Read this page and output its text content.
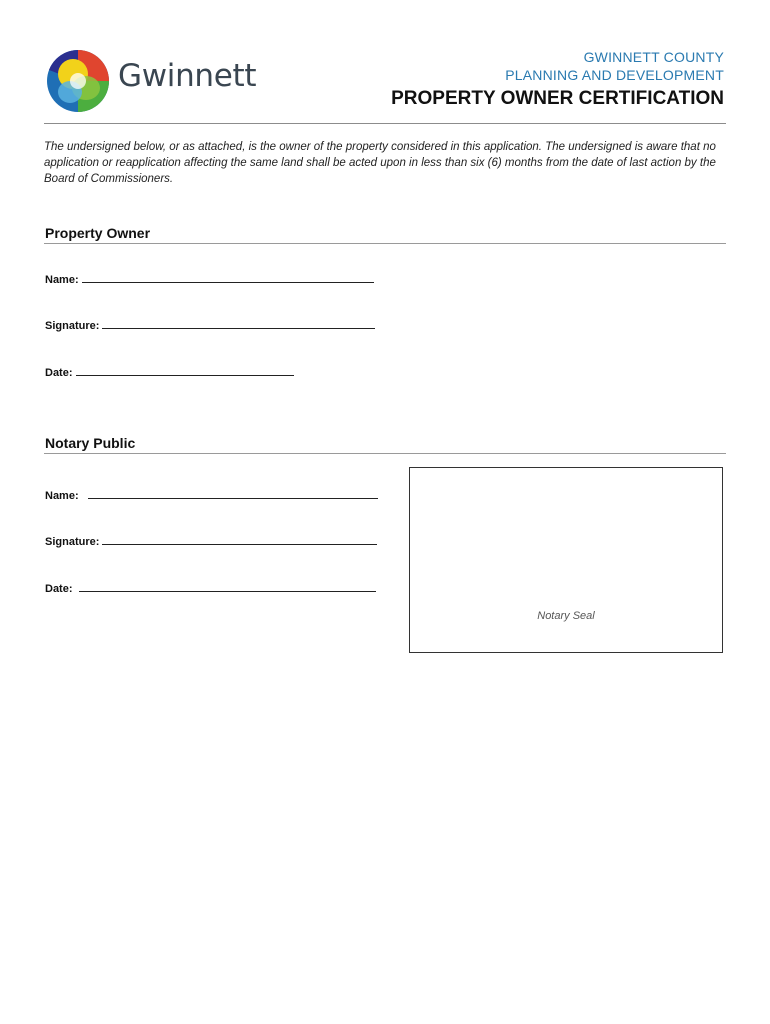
Gwinnett
GWINNETT COUNTY
PLANNING AND DEVELOPMENT
PROPERTY OWNER CERTIFICATION
The undersigned below, or as attached, is the owner of the property considered in this application. The undersigned is aware that no application or reapplication affecting the same land shall be acted upon in less than six (6) months from the date of last action by the Board of Commissioners.
Property Owner
Name:
Signature:
Date:
Notary Public
Name:
Signature:
Date:
Notary Seal
